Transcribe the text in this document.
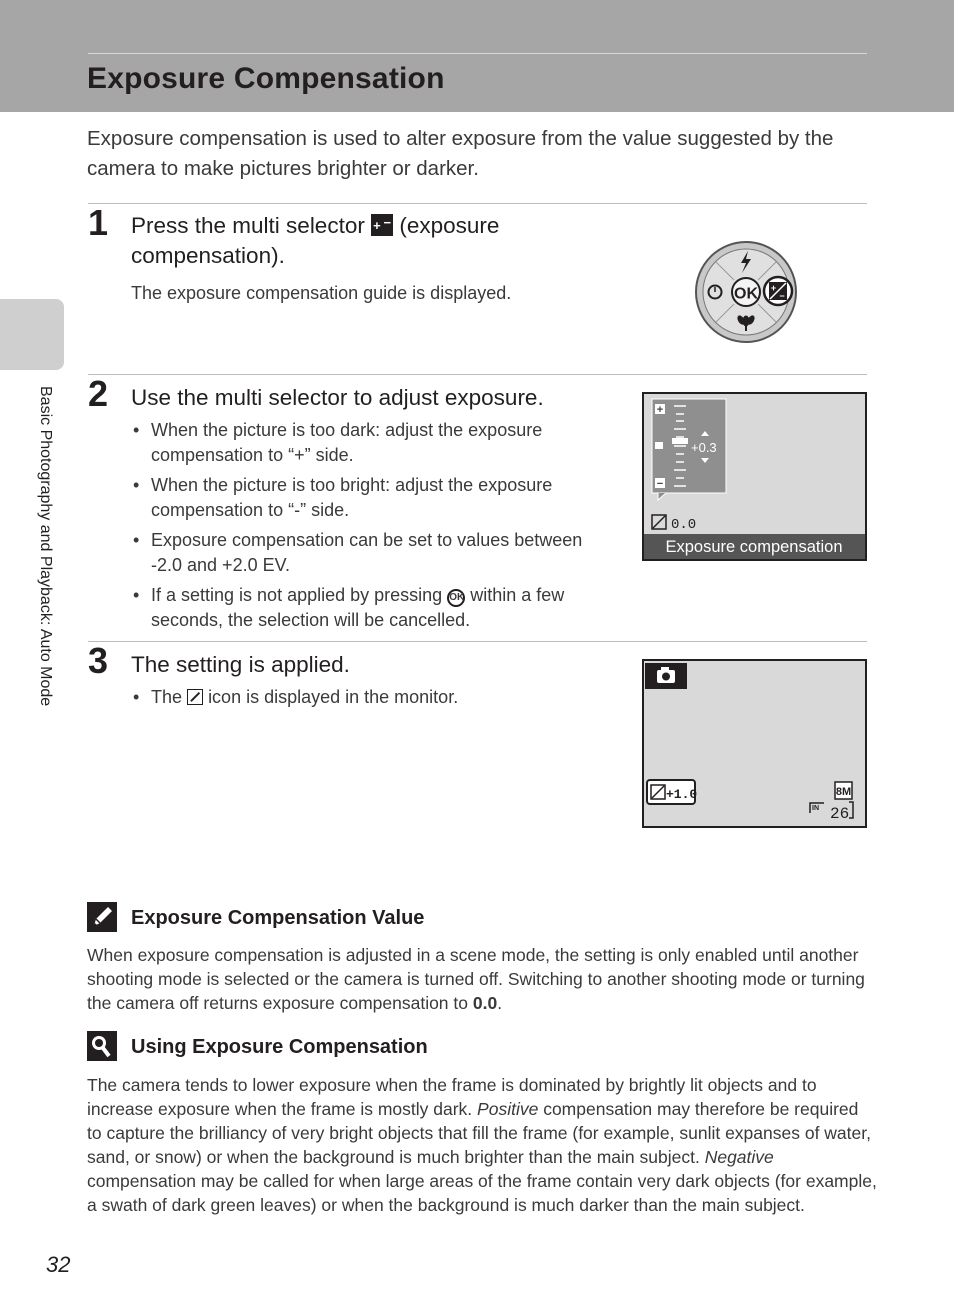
Exposure Compensation
Basic Photography and Playback: Auto Mode
Exposure compensation is used to alter exposure from the value suggested by the camera to make pictures brighter or darker.
1 Press the multi selector + − (exposure
compensation).
The exposure compensation guide is displayed.	OK +
−
2 Use the multi selector to adjust exposure.
• When the picture is too dark: adjust the exposure compensation to “+” side.
• When the picture is too bright: adjust the exposure compensation to “-” side.
• Exposure compensation can be set to values between -2.0 and +2.0 EV.
• If a setting is not applied by pressing OK within a few seconds, the selection will be cancelled.
+
−
+0.3
0.0
Exposure compensation
3 The setting is applied.
• The icon is displayed in the monitor.
+1.0	8M
IN 26
Exposure Compensation Value
When exposure compensation is adjusted in a scene mode, the setting is only enabled until another shooting mode is selected or the camera is turned off. Switching to another shooting mode or turning the camera off returns exposure compensation to 0.0.
Using Exposure Compensation
The camera tends to lower exposure when the frame is dominated by brightly lit objects and to increase exposure when the frame is mostly dark. Positive compensation may therefore be required to capture the brilliancy of very bright objects that fill the frame (for example, sunlit expanses of water, sand, or snow) or when the background is much brighter than the main subject. Negative compensation may be called for when large areas of the frame contain very dark objects (for example, a swath of dark green leaves) or when the background is much darker than the main subject.
32
